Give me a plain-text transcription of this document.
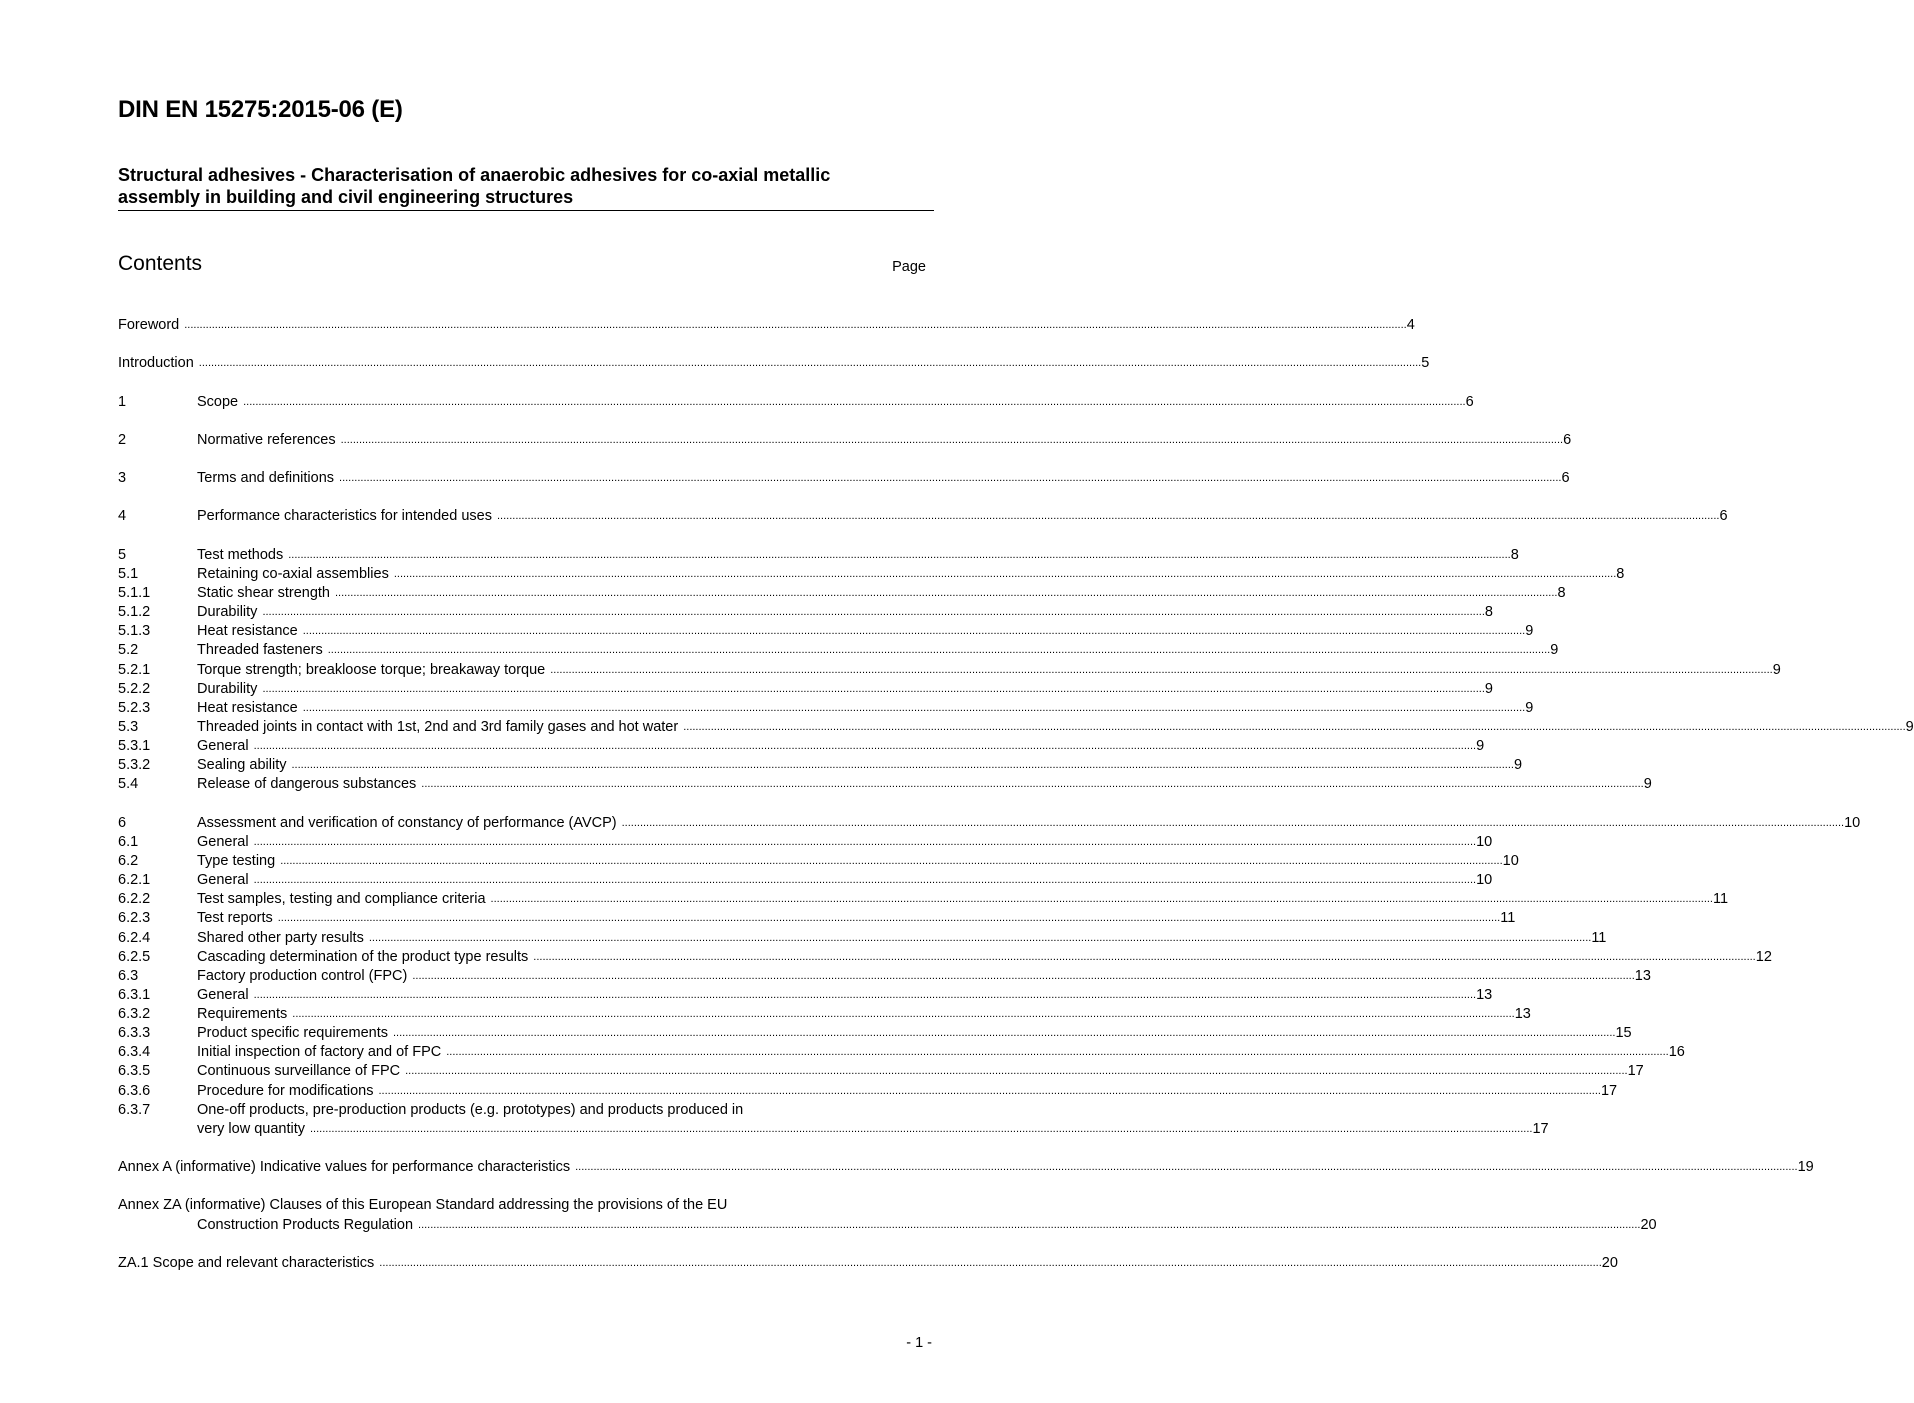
DIN EN 15275:2015-06 (E)
Structural adhesives - Characterisation of anaerobic adhesives for co-axial metallic
assembly in building and civil engineering structures
Contents	Page
Foreword ................................................................................................................................................................................................................................................................................................................................................................................................................ 4
Introduction ................................................................................................................................................................................................................................................................................................................................................................................................................ 5
1	Scope ................................................................................................................................................................................................................................................................................................................................................................................................................ 6
2	Normative references ................................................................................................................................................................................................................................................................................................................................................................................................................ 6
3	Terms and definitions ................................................................................................................................................................................................................................................................................................................................................................................................................ 6
4	Performance characteristics for intended uses ................................................................................................................................................................................................................................................................................................................................................................................................................ 6
5	Test methods ................................................................................................................................................................................................................................................................................................................................................................................................................ 8
5.1	Retaining co-axial assemblies ................................................................................................................................................................................................................................................................................................................................................................................................................ 8
5.1.1	Static shear strength ................................................................................................................................................................................................................................................................................................................................................................................................................ 8
5.1.2	Durability ................................................................................................................................................................................................................................................................................................................................................................................................................ 8
5.1.3	Heat resistance ................................................................................................................................................................................................................................................................................................................................................................................................................ 9
5.2	Threaded fasteners ................................................................................................................................................................................................................................................................................................................................................................................................................ 9
5.2.1	Torque strength; breakloose torque; breakaway torque ................................................................................................................................................................................................................................................................................................................................................................................................................ 9
5.2.2	Durability ................................................................................................................................................................................................................................................................................................................................................................................................................ 9
5.2.3	Heat resistance ................................................................................................................................................................................................................................................................................................................................................................................................................ 9
5.3	Threaded joints in contact with 1st, 2nd and 3rd family gases and hot water ................................................................................................................................................................................................................................................................................................................................................................................................................ 9
5.3.1	General ................................................................................................................................................................................................................................................................................................................................................................................................................ 9
5.3.2	Sealing ability ................................................................................................................................................................................................................................................................................................................................................................................................................ 9
5.4	Release of dangerous substances ................................................................................................................................................................................................................................................................................................................................................................................................................ 9
6	Assessment and verification of constancy of performance (AVCP) ................................................................................................................................................................................................................................................................................................................................................................................................................ 10
6.1	General ................................................................................................................................................................................................................................................................................................................................................................................................................ 10
6.2	Type testing ................................................................................................................................................................................................................................................................................................................................................................................................................ 10
6.2.1	General ................................................................................................................................................................................................................................................................................................................................................................................................................ 10
6.2.2	Test samples, testing and compliance criteria ................................................................................................................................................................................................................................................................................................................................................................................................................ 11
6.2.3	Test reports ................................................................................................................................................................................................................................................................................................................................................................................................................ 11
6.2.4	Shared other party results ................................................................................................................................................................................................................................................................................................................................................................................................................ 11
6.2.5	Cascading determination of the product type results ................................................................................................................................................................................................................................................................................................................................................................................................................ 12
6.3	Factory production control (FPC) ................................................................................................................................................................................................................................................................................................................................................................................................................ 13
6.3.1	General ................................................................................................................................................................................................................................................................................................................................................................................................................ 13
6.3.2	Requirements ................................................................................................................................................................................................................................................................................................................................................................................................................ 13
6.3.3	Product specific requirements ................................................................................................................................................................................................................................................................................................................................................................................................................ 15
6.3.4	Initial inspection of factory and of FPC ................................................................................................................................................................................................................................................................................................................................................................................................................ 16
6.3.5	Continuous surveillance of FPC ................................................................................................................................................................................................................................................................................................................................................................................................................ 17
6.3.6	Procedure for modifications ................................................................................................................................................................................................................................................................................................................................................................................................................ 17
6.3.7	One-off products, pre-production products (e.g. prototypes) and products produced in
very low quantity ................................................................................................................................................................................................................................................................................................................................................................................................................ 17
Annex A (informative) Indicative values for performance characteristics ................................................................................................................................................................................................................................................................................................................................................................................................................ 19
Annex ZA (informative) Clauses of this European Standard addressing the provisions of the EU
Construction Products Regulation ................................................................................................................................................................................................................................................................................................................................................................................................................ 20
ZA.1 Scope and relevant characteristics ................................................................................................................................................................................................................................................................................................................................................................................................................ 20
- 1 -
